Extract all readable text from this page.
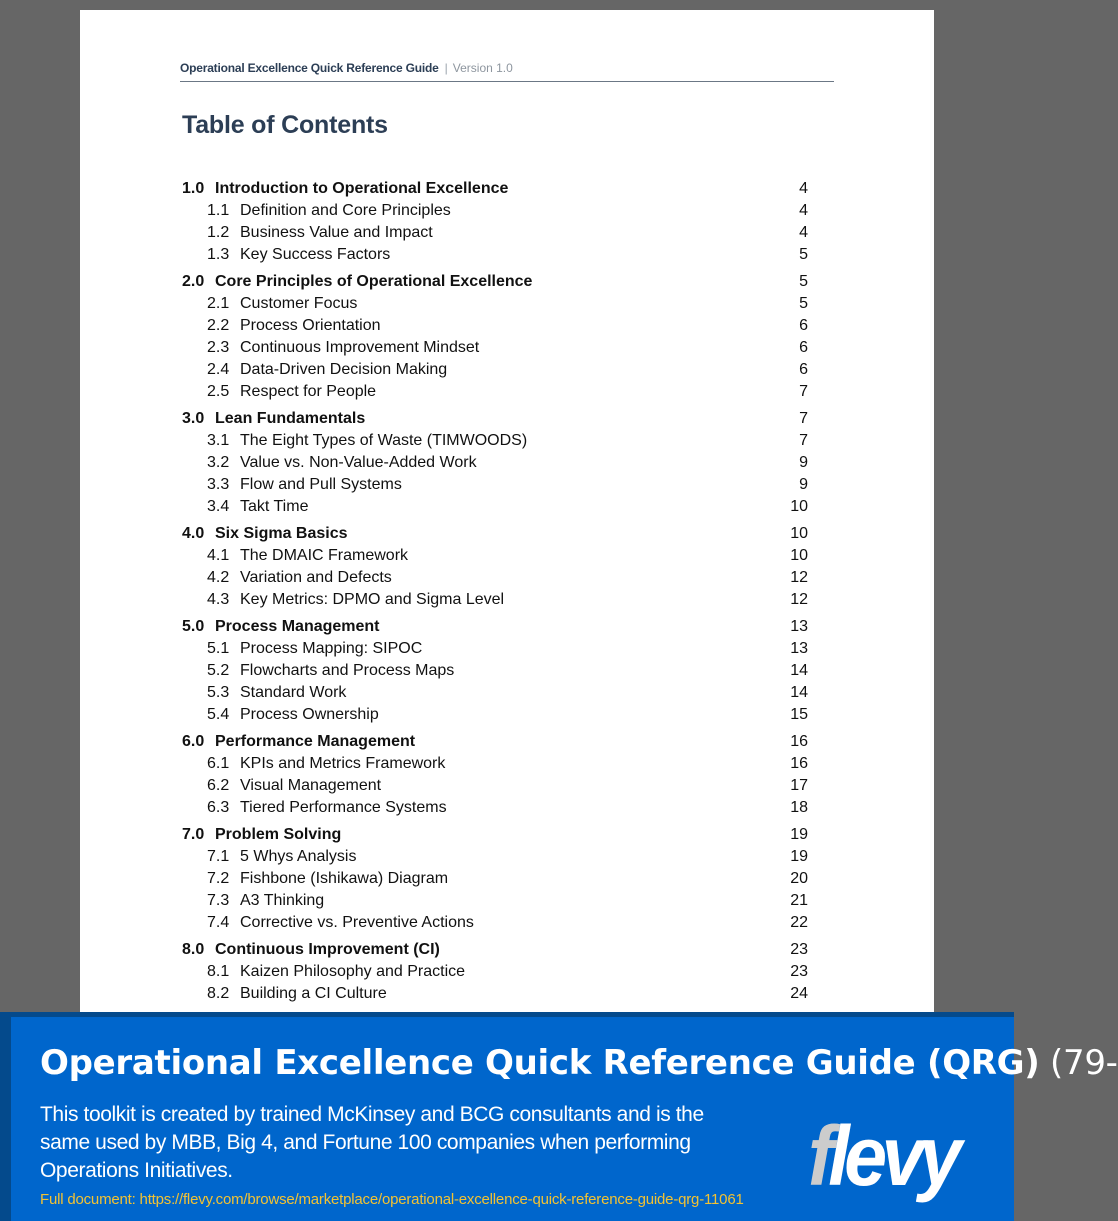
Operational Excellence Quick Reference Guide | Version 1.0
Table of Contents
1.0 Introduction to Operational Excellence	4
1.1 Definition and Core Principles	4
1.2 Business Value and Impact	4
1.3 Key Success Factors	5
2.0 Core Principles of Operational Excellence	5
2.1 Customer Focus	5
2.2 Process Orientation	6
2.3 Continuous Improvement Mindset	6
2.4 Data-Driven Decision Making	6
2.5 Respect for People	7
3.0 Lean Fundamentals	7
3.1 The Eight Types of Waste (TIMWOODS)	7
3.2 Value vs. Non-Value-Added Work	9
3.3 Flow and Pull Systems	9
3.4 Takt Time	10
4.0 Six Sigma Basics	10
4.1 The DMAIC Framework	10
4.2 Variation and Defects	12
4.3 Key Metrics: DPMO and Sigma Level	12
5.0 Process Management	13
5.1 Process Mapping: SIPOC	13
5.2 Flowcharts and Process Maps	14
5.3 Standard Work	14
5.4 Process Ownership	15
6.0 Performance Management	16
6.1 KPIs and Metrics Framework	16
6.2 Visual Management	17
6.3 Tiered Performance Systems	18
7.0 Problem Solving	19
7.1 5 Whys Analysis	19
7.2 Fishbone (Ishikawa) Diagram	20
7.3 A3 Thinking	21
7.4 Corrective vs. Preventive Actions	22
8.0 Continuous Improvement (CI)	23
8.1 Kaizen Philosophy and Practice	23
8.2 Building a CI Culture	24
Operational Excellence Quick Reference Guide (QRG) (79-

This toolkit is created by trained McKinsey and BCG consultants and is the same used by MBB, Big 4, and Fortune 100 companies when performing Operations Initiatives.

Full document: https://flevy.com/browse/marketplace/operational-excellence-quick-reference-guide-qrg-11061 flevy
